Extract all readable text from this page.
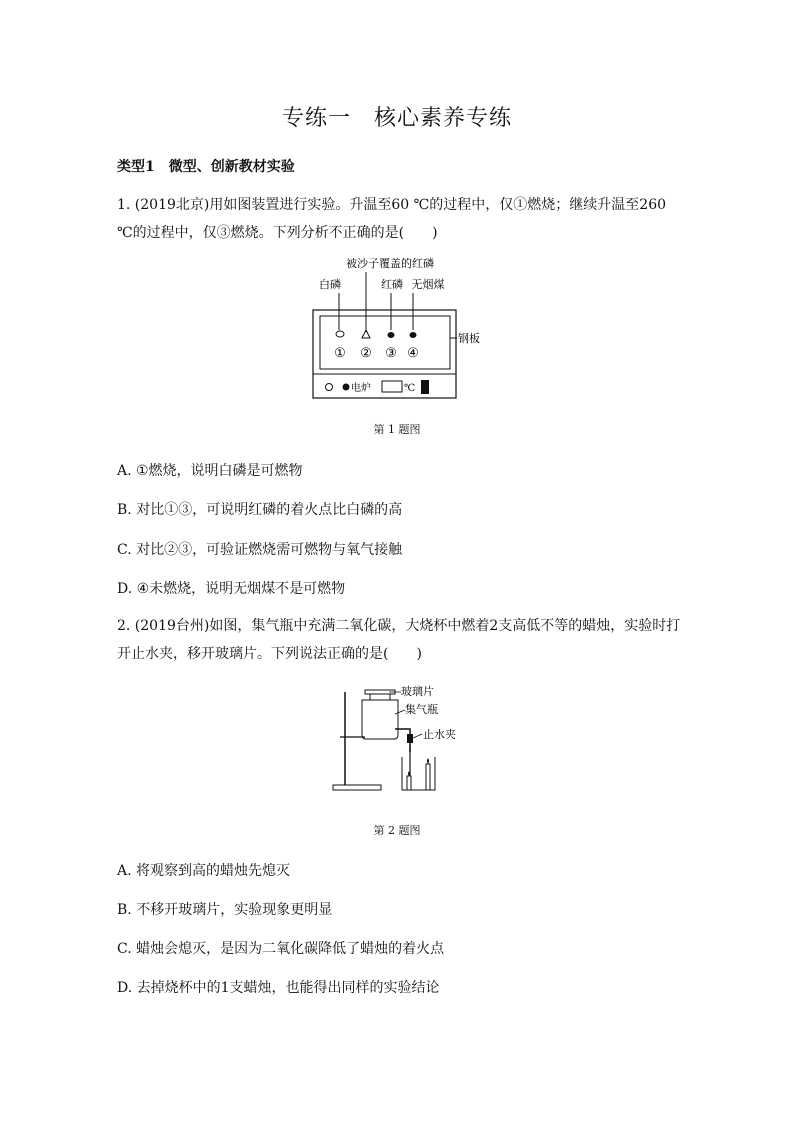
专练一　核心素养专练
类型1　微型、创新教材实验
1. (2019北京)用如图装置进行实验。升温至60 ℃的过程中，仅①燃烧；继续升温至260 ℃的过程中，仅③燃烧。下列分析不正确的是(　　)
被沙子覆盖的红磷
白磷	红磷 无烟煤
① ② ③ ④
钢板
电炉	℃
第 1 题图
A. ①燃烧，说明白磷是可燃物
B. 对比①③，可说明红磷的着火点比白磷的高
C. 对比②③，可验证燃烧需可燃物与氧气接触
D. ④未燃烧，说明无烟煤不是可燃物
2. (2019台州)如图，集气瓶中充满二氧化碳，大烧杯中燃着2支高低不等的蜡烛，实验时打开止水夹，移开玻璃片。下列说法正确的是(　　)
玻璃片
集气瓶
止水夹
第 2 题图
A. 将观察到高的蜡烛先熄灭
B. 不移开玻璃片，实验现象更明显
C. 蜡烛会熄灭，是因为二氧化碳降低了蜡烛的着火点
D. 去掉烧杯中的1支蜡烛，也能得出同样的实验结论
